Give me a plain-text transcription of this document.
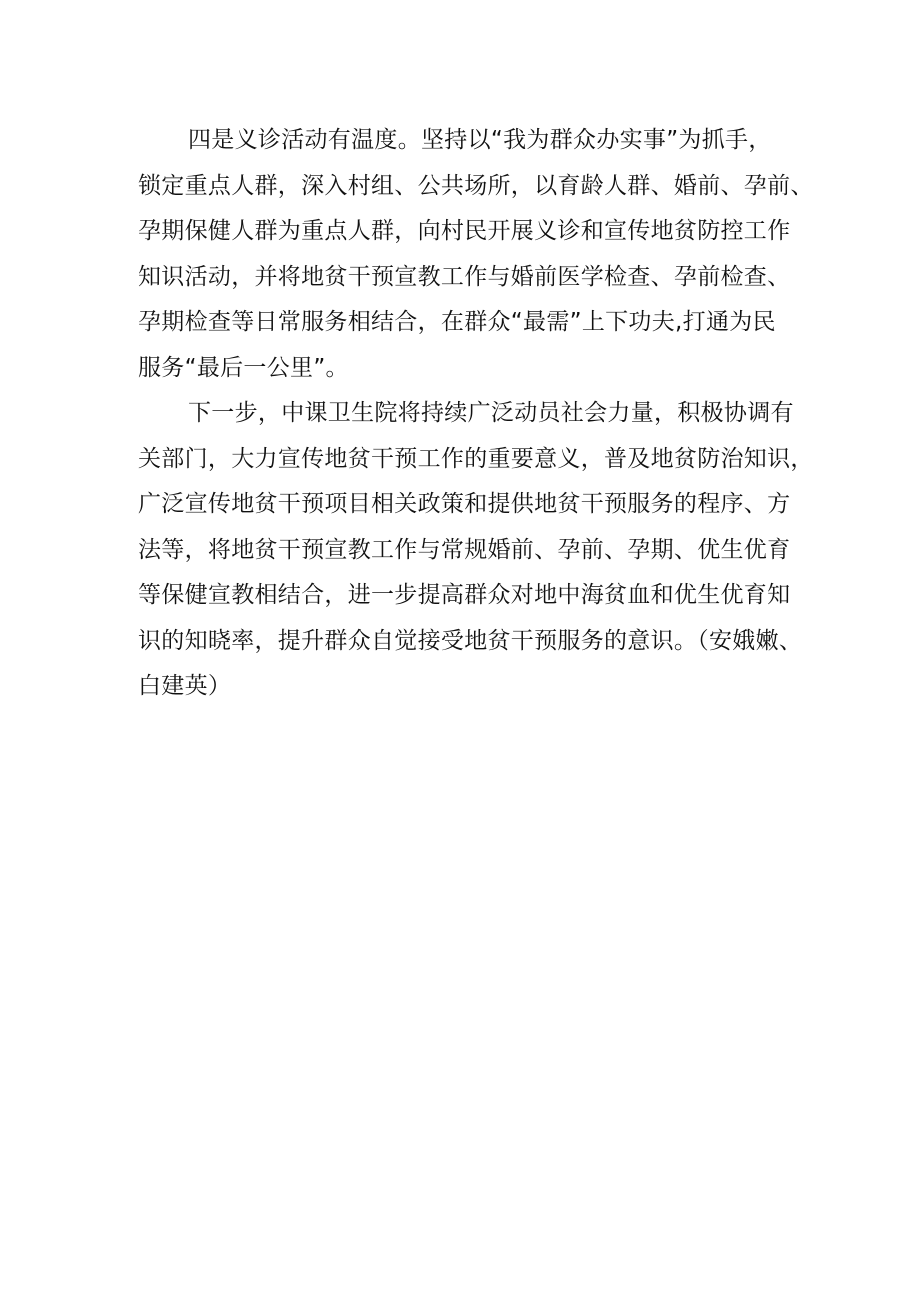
四是义诊活动有温度。坚持以“我为群众办实事”为抓手，
锁定重点人群，深入村组、公共场所，以育龄人群、婚前、孕前、
孕期保健人群为重点人群，向村民开展义诊和宣传地贫防控工作
知识活动，并将地贫干预宣教工作与婚前医学检查、孕前检查、
孕期检查等日常服务相结合，在群众“最需”上下功夫,打通为民
服务“最后一公里”。
下一步，中课卫生院将持续广泛动员社会力量，积极协调有
关部门，大力宣传地贫干预工作的重要意义，普及地贫防治知识，
广泛宣传地贫干预项目相关政策和提供地贫干预服务的程序、方
法等，将地贫干预宣教工作与常规婚前、孕前、孕期、优生优育
等保健宣教相结合，进一步提高群众对地中海贫血和优生优育知
识的知晓率，提升群众自觉接受地贫干预服务的意识。（安娥嫩、
白建英）
